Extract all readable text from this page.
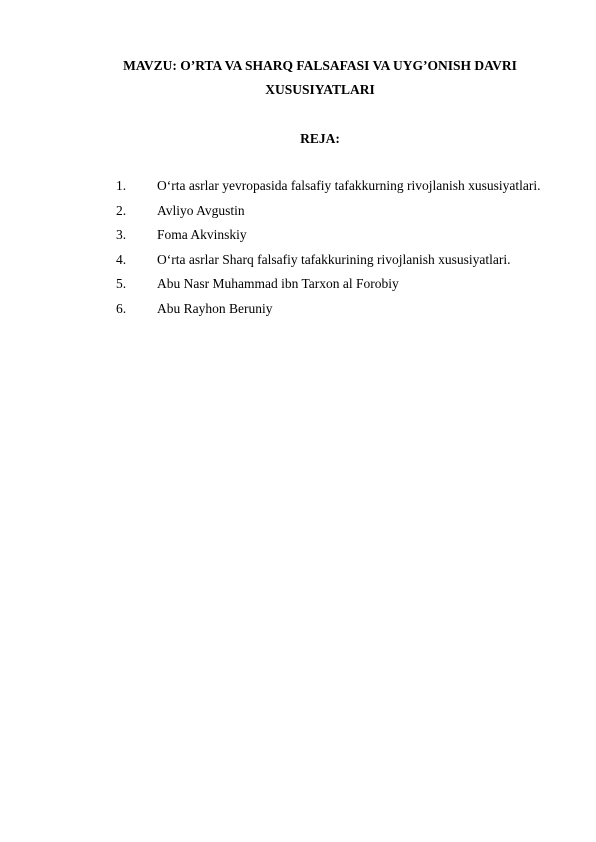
MAVZU: O’RTA VA SHARQ FALSAFASI VA UYG’ONISH DAVRI
XUSUSIYATLARI
REJA:
1.	O‘rta asrlar yevropasida falsafiy tafakkurning rivojlanish xususiyatlari.
2.	Avliyo Avgustin
3.	Foma Akvinskiy
4.	O‘rta asrlar Sharq falsafiy tafakkurining rivojlanish xususiyatlari.
5.	Abu Nasr Muhammad ibn Tarxon al Forobiy
6.	Abu Rayhon Beruniy
